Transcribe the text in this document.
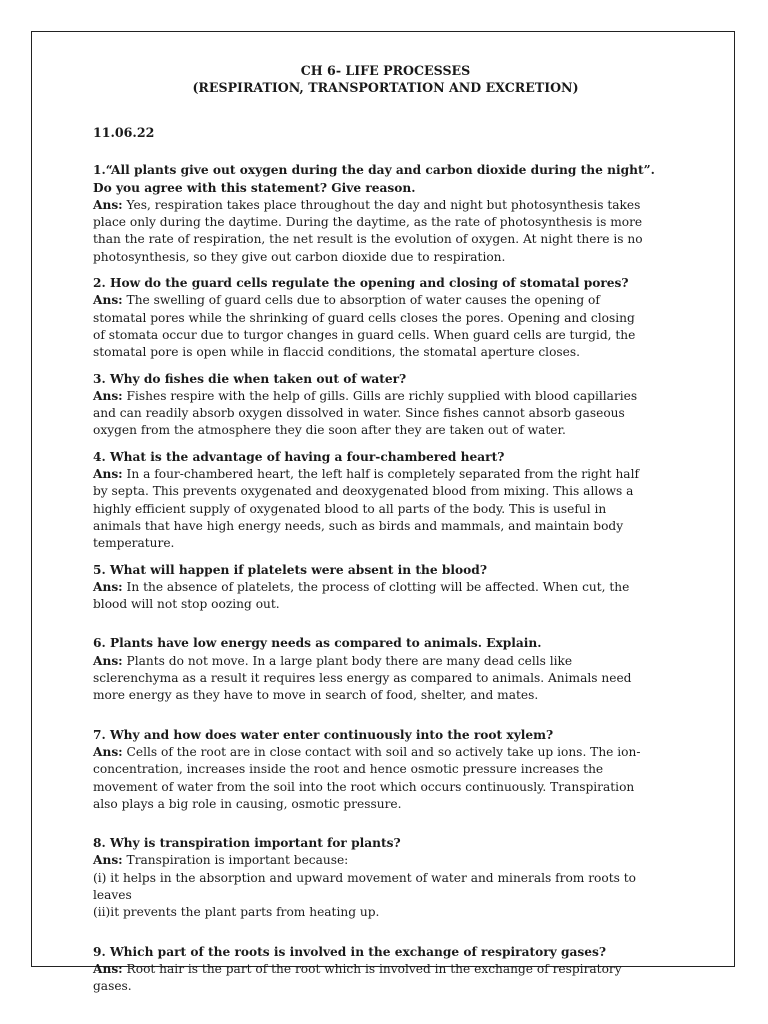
CH 6- LIFE PROCESSES
(RESPIRATION, TRANSPORTATION AND EXCRETION)
11.06.22
1.“All plants give out oxygen during the day and carbon dioxide during the night”.
Do you agree with this statement? Give reason.
Ans: Yes, respiration takes place throughout the day and night but photosynthesis takes
place only during the daytime. During the daytime, as the rate of photosynthesis is more
than the rate of respiration, the net result is the evolution of oxygen. At night there is no
photosynthesis, so they give out carbon dioxide due to respiration.
2. How do the guard cells regulate the opening and closing of stomatal pores?
Ans: The swelling of guard cells due to absorption of water causes the opening of
stomatal pores while the shrinking of guard cells closes the pores. Opening and closing
of stomata occur due to turgor changes in guard cells. When guard cells are turgid, the
stomatal pore is open while in flaccid conditions, the stomatal aperture closes.
3. Why do fishes die when taken out of water?
Ans: Fishes respire with the help of gills. Gills are richly supplied with blood capillaries
and can readily absorb oxygen dissolved in water. Since fishes cannot absorb gaseous
oxygen from the atmosphere they die soon after they are taken out of water.
4. What is the advantage of having a four-chambered heart?
Ans: In a four-chambered heart, the left half is completely separated from the right half
by septa. This prevents oxygenated and deoxygenated blood from mixing. This allows a
highly efficient supply of oxygenated blood to all parts of the body. This is useful in
animals that have high energy needs, such as birds and mammals, and maintain body
temperature.
5. What will happen if platelets were absent in the blood?
Ans: In the absence of platelets, the process of clotting will be affected. When cut, the
blood will not stop oozing out.
6. Plants have low energy needs as compared to animals. Explain.
Ans: Plants do not move. In a large plant body there are many dead cells like
sclerenchyma as a result it requires less energy as compared to animals. Animals need
more energy as they have to move in search of food, shelter, and mates.
7. Why and how does water enter continuously into the root xylem?
Ans: Cells of the root are in close contact with soil and so actively take up ions. The ion-
concentration, increases inside the root and hence osmotic pressure increases the
movement of water from the soil into the root which occurs continuously. Transpiration
also plays a big role in causing, osmotic pressure.
8. Why is transpiration important for plants?
Ans: Transpiration is important because:
(i) it helps in the absorption and upward movement of water and minerals from roots to
leaves
(ii)it prevents the plant parts from heating up.
9. Which part of the roots is involved in the exchange of respiratory gases?
Ans: Root hair is the part of the root which is involved in the exchange of respiratory
gases.
